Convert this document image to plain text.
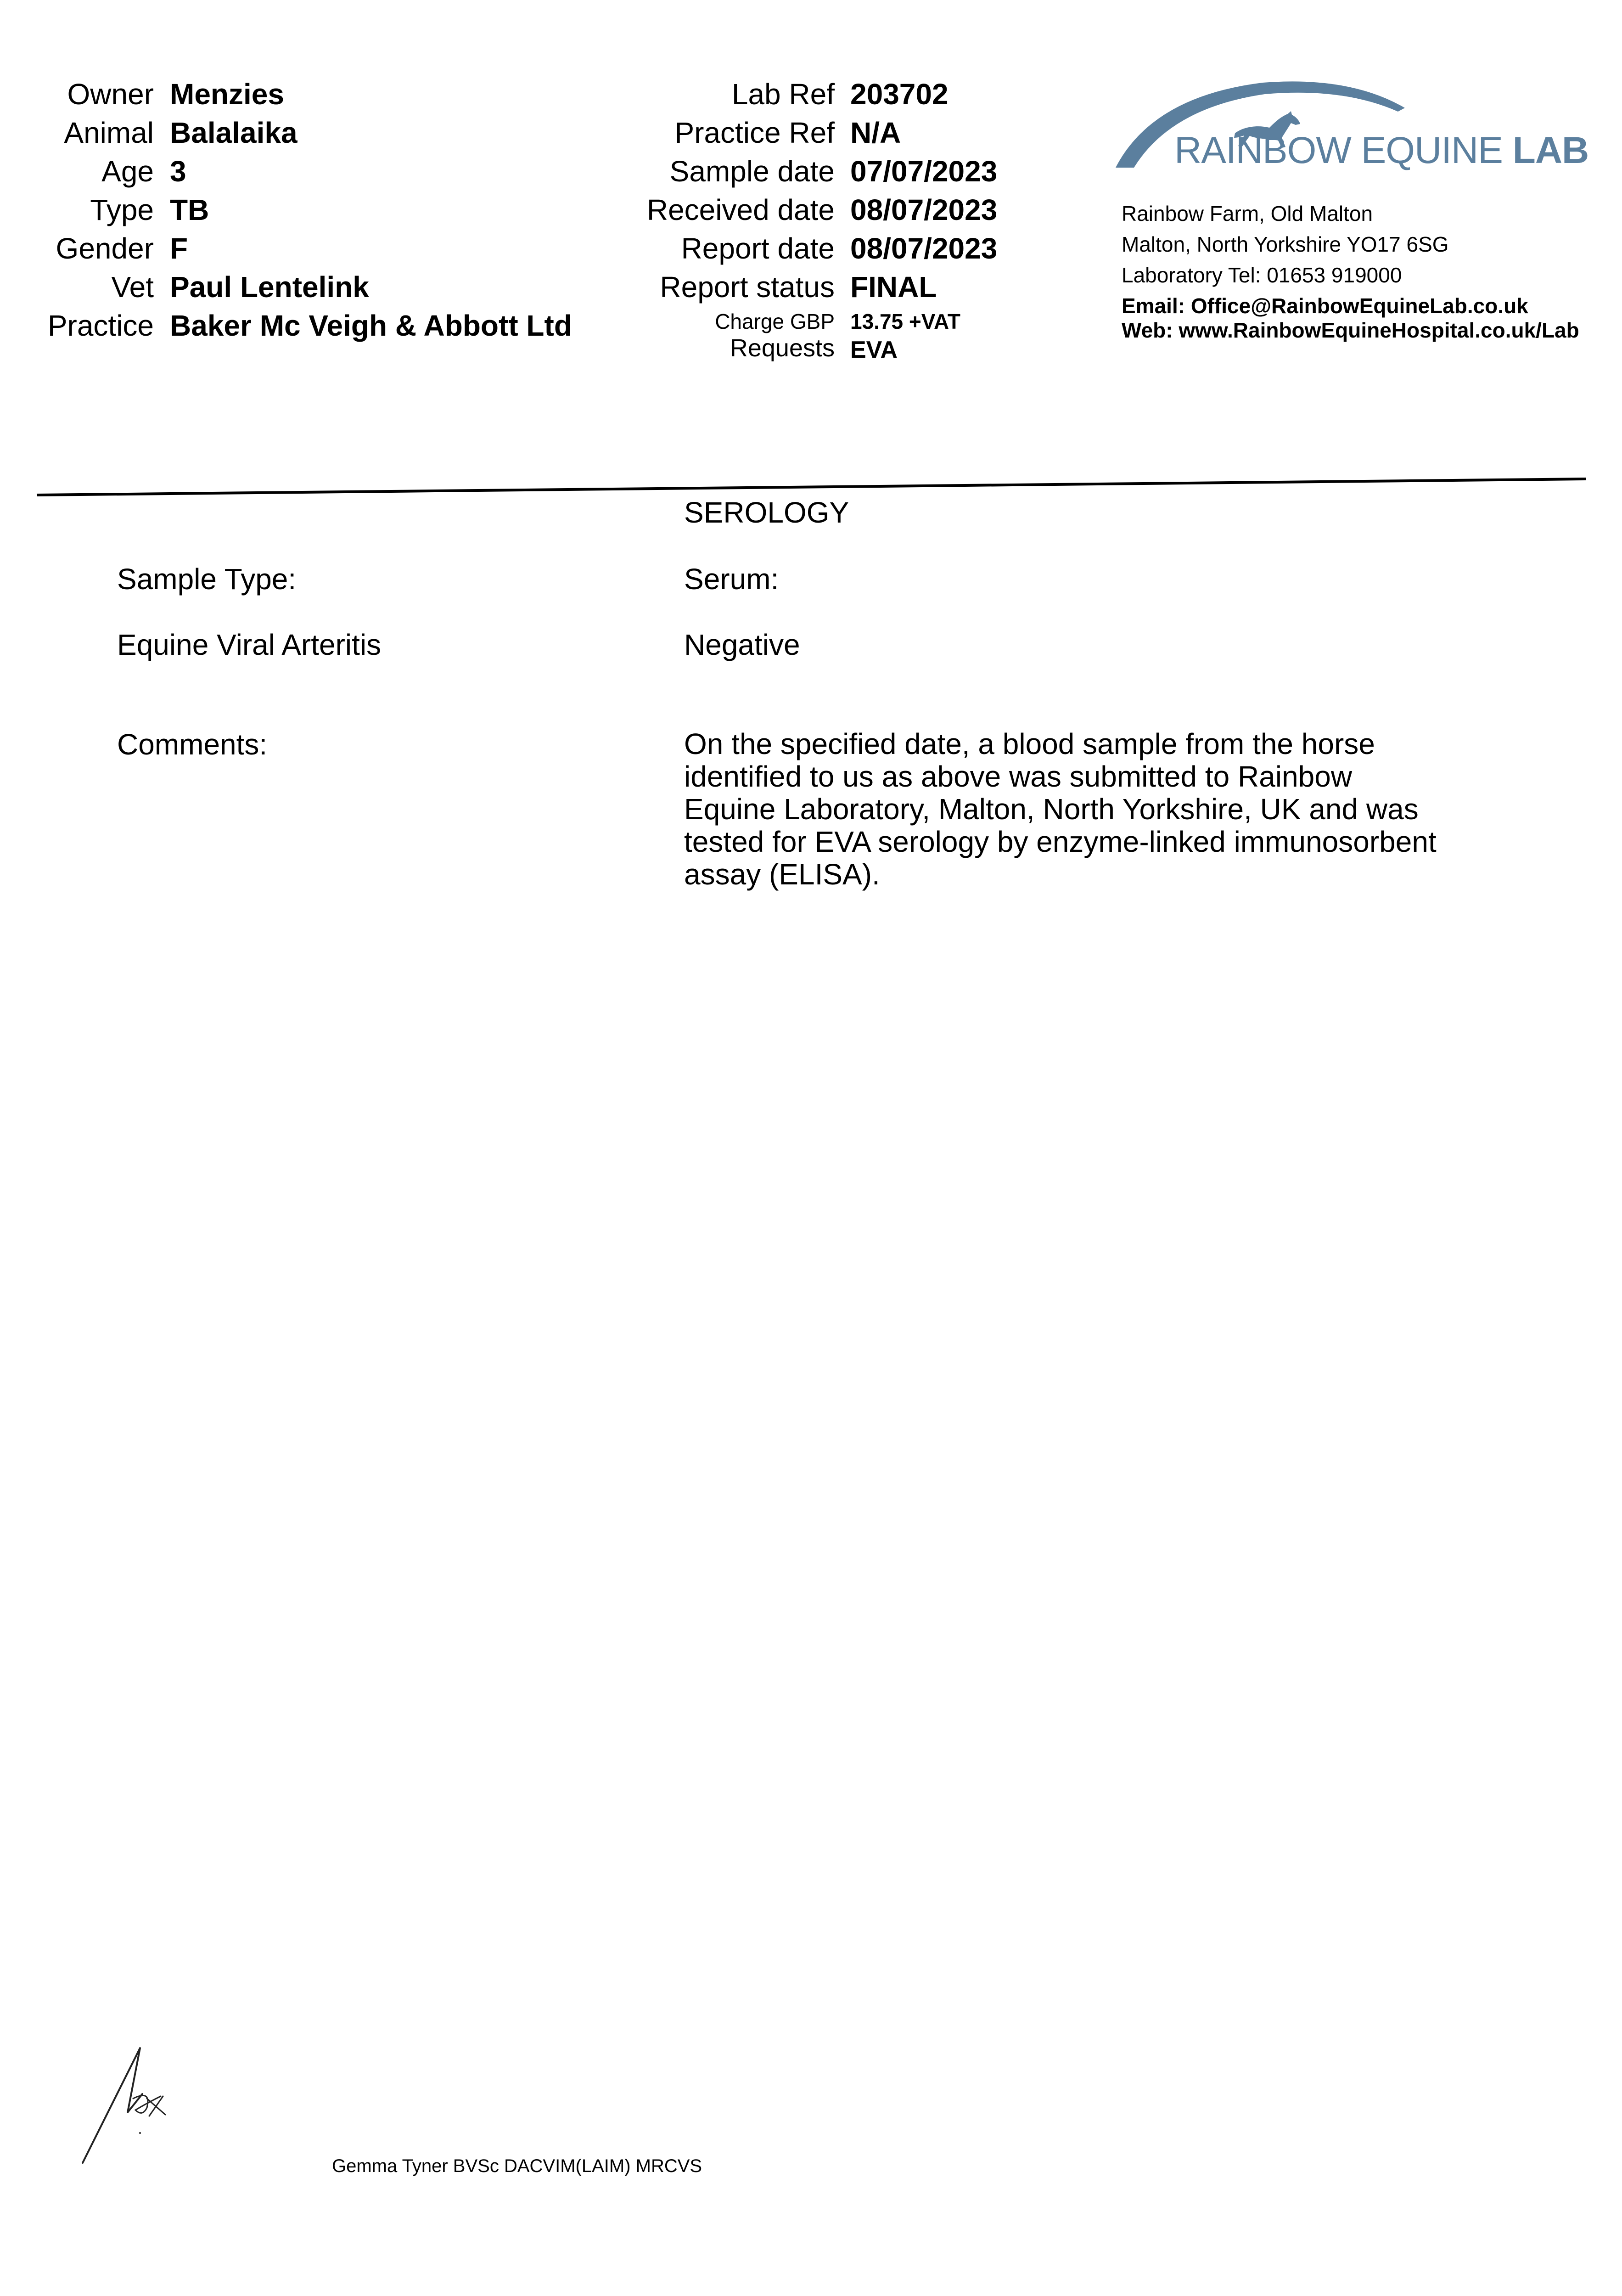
Owner Menzies
Animal Balalaika
Age 3
Type TB
Gender F
Vet Paul Lentelink
Practice Baker Mc Veigh & Abbott Ltd
Lab Ref 203702
Practice Ref N/A
Sample date 07/07/2023
Received date 08/07/2023
Report date 08/07/2023
Report status FINAL
Charge GBP 13.75 +VAT
Requests EVA
RAINBOW EQUINE LAB
Rainbow Farm, Old Malton
Malton, North Yorkshire YO17 6SG
Laboratory Tel: 01653 919000
Email: Office@RainbowEquineLab.co.uk
Web: www.RainbowEquineHospital.co.uk/Lab
SEROLOGY
Sample Type:	Serum:
Equine Viral Arteritis	Negative
Comments:	On the specified date, a blood sample from the horse identified to us as above was submitted to Rainbow Equine Laboratory, Malton, North Yorkshire, UK and was tested for EVA serology by enzyme-linked immunosorbent assay (ELISA).
Gemma Tyner BVSc DACVIM(LAIM) MRCVS
